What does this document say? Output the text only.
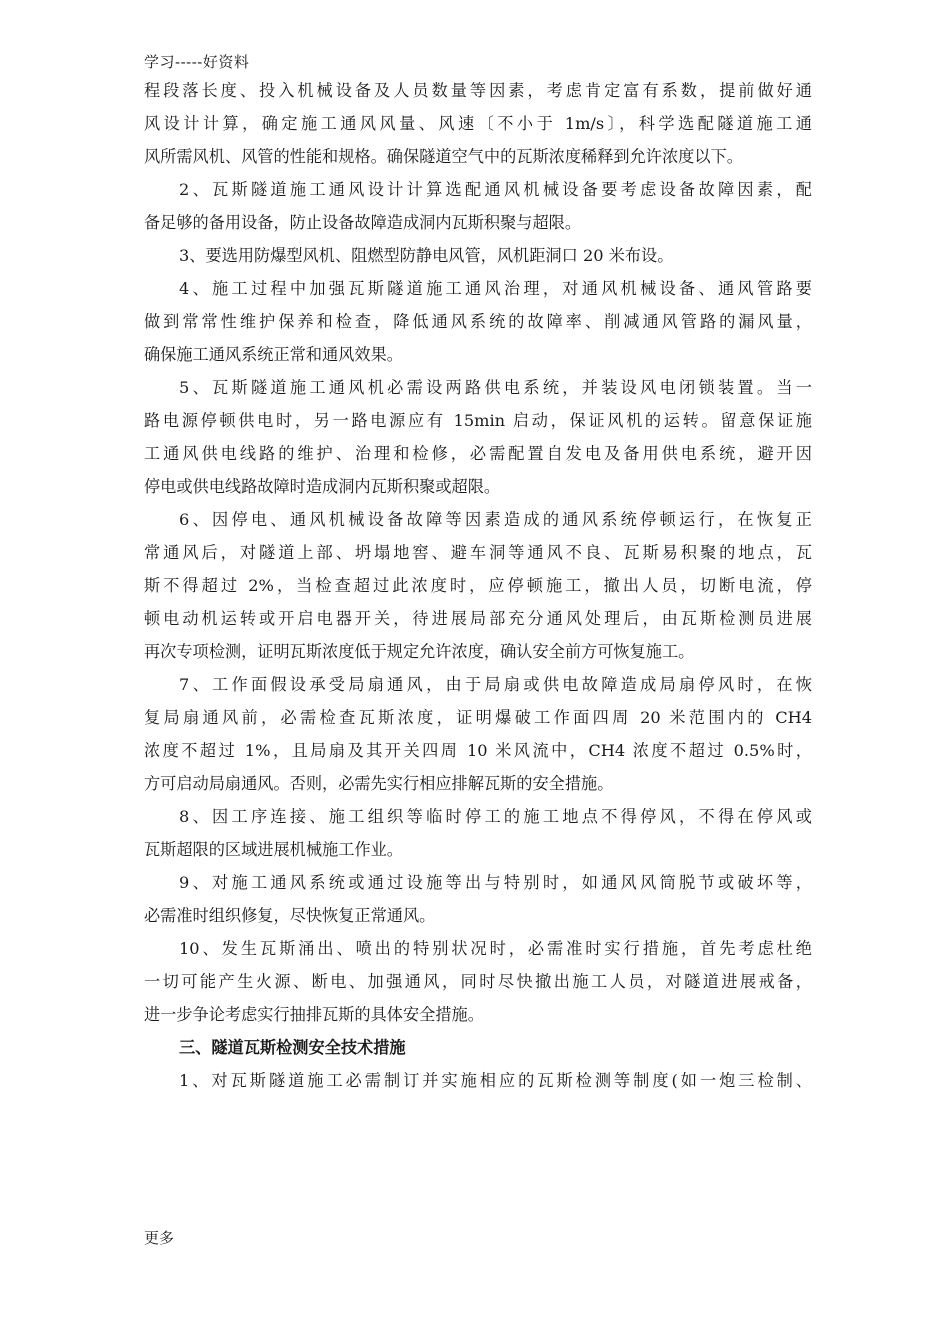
学习-----好资料
程段落长度、投入机械设备及人员数量等因素，考虑肯定富有系数，提前做好通
风设计计算，确定施工通风风量、风速〔不小于 1m/s〕，科学选配隧道施工通
风所需风机、风管的性能和规格。确保隧道空气中的瓦斯浓度稀释到允许浓度以下。
2、瓦斯隧道施工通风设计计算选配通风机械设备要考虑设备故障因素，配
备足够的备用设备，防止设备故障造成洞内瓦斯积聚与超限。
3、要选用防爆型风机、阻燃型防静电风管，风机距洞口 20 米布设。
4、施工过程中加强瓦斯隧道施工通风治理，对通风机械设备、通风管路要
做到常常性维护保养和检查，降低通风系统的故障率、削减通风管路的漏风量，
确保施工通风系统正常和通风效果。
5、瓦斯隧道施工通风机必需设两路供电系统，并装设风电闭锁装置。当一
路电源停顿供电时，另一路电源应有 15min 启动，保证风机的运转。留意保证施
工通风供电线路的维护、治理和检修，必需配置自发电及备用供电系统，避开因
停电或供电线路故障时造成洞内瓦斯积聚或超限。
6、因停电、通风机械设备故障等因素造成的通风系统停顿运行，在恢复正
常通风后，对隧道上部、坍塌地窖、避车洞等通风不良、瓦斯易积聚的地点，瓦
斯不得超过 2%，当检查超过此浓度时，应停顿施工，撤出人员，切断电流，停
顿电动机运转或开启电器开关，待进展局部充分通风处理后，由瓦斯检测员进展
再次专项检测，证明瓦斯浓度低于规定允许浓度，确认安全前方可恢复施工。
7、工作面假设承受局扇通风，由于局扇或供电故障造成局扇停风时，在恢
复局扇通风前，必需检查瓦斯浓度，证明爆破工作面四周 20 米范围内的 CH4
浓度不超过 1%，且局扇及其开关四周 10 米风流中，CH4 浓度不超过 0.5%时，
方可启动局扇通风。否则，必需先实行相应排解瓦斯的安全措施。
8、因工序连接、施工组织等临时停工的施工地点不得停风，不得在停风或
瓦斯超限的区域进展机械施工作业。
9、对施工通风系统或通过设施等出与特别时，如通风风筒脱节或破坏等，
必需准时组织修复，尽快恢复正常通风。
10、发生瓦斯涌出、喷出的特别状况时，必需准时实行措施，首先考虑杜绝
一切可能产生火源、断电、加强通风，同时尽快撤出施工人员，对隧道进展戒备，
进一步争论考虑实行抽排瓦斯的具体安全措施。
三、隧道瓦斯检测安全技术措施
1、对瓦斯隧道施工必需制订并实施相应的瓦斯检测等制度(如一炮三检制、
更多
